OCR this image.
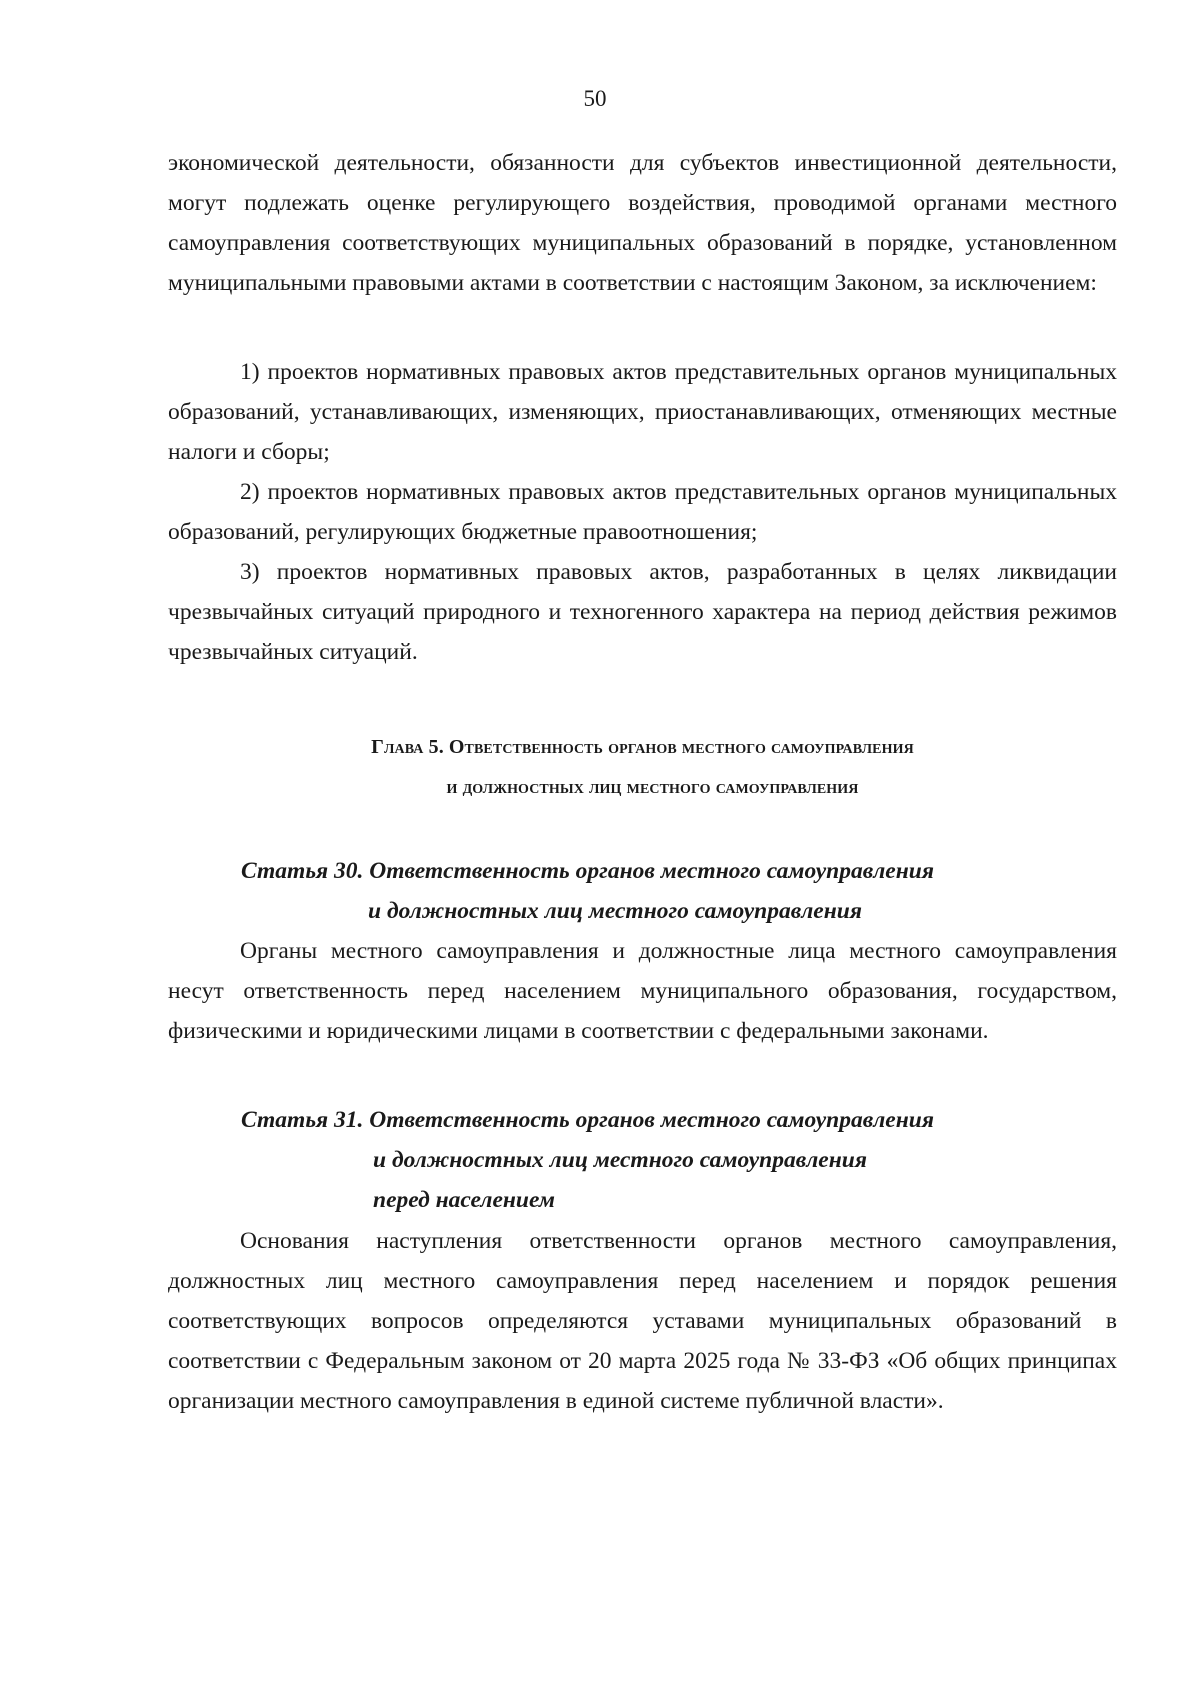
50

экономической деятельности, обязанности для субъектов инвестиционной деятельности, могут подлежать оценке регулирующего воздействия, проводимой органами местного самоуправления соответствующих муниципальных образований в порядке, установленном муниципальными правовыми актами в соответствии с настоящим Законом, за исключением:

1) проектов нормативных правовых актов представительных органов муниципальных образований, устанавливающих, изменяющих, приостанавливающих, отменяющих местные налоги и сборы;

2) проектов нормативных правовых актов представительных органов муниципальных образований, регулирующих бюджетные правоотношения;

3) проектов нормативных правовых актов, разработанных в целях ликвидации чрезвычайных ситуаций природного и техногенного характера на период действия режимов чрезвычайных ситуаций.

Глава 5. Ответственность органов местного самоуправления
и должностных лиц местного самоуправления
Статья 30. Ответственность органов местного самоуправления
и должностных лиц местного самоуправления

Органы местного самоуправления и должностные лица местного самоуправления несут ответственность перед населением муниципального образования, государством, физическими и юридическими лицами в соответствии с федеральными законами.

Статья 31. Ответственность органов местного самоуправления
и должностных лиц местного самоуправления
перед населением

Основания наступления ответственности органов местного самоуправления, должностных лиц местного самоуправления перед населением и порядок решения соответствующих вопросов определяются уставами муниципальных образований в соответствии с Федеральным законом от 20 марта 2025 года № 33-ФЗ «Об общих принципах организации местного самоуправления в единой системе публичной власти».
